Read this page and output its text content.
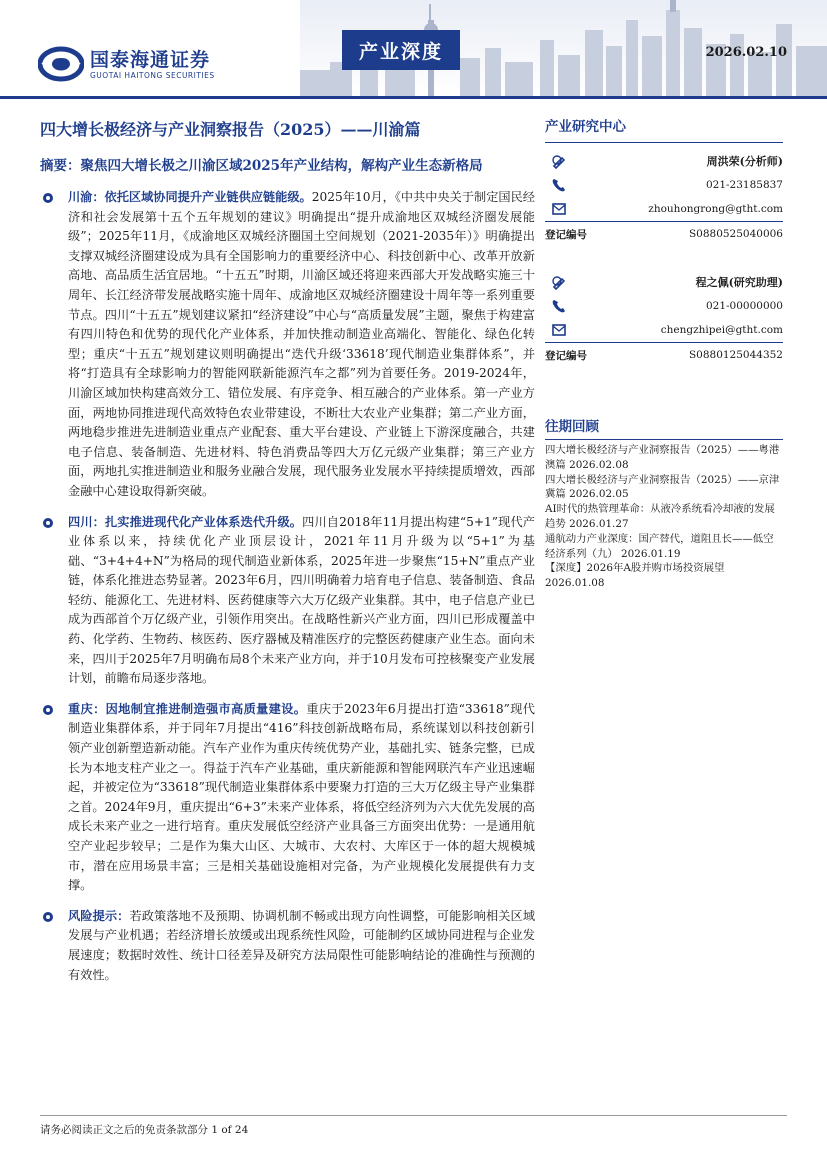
国泰海通证券
GUOTAI HAITONG SECURITIES
产业深度	2026.02.10
四大增长极经济与产业洞察报告（2025）——川渝篇

摘要：聚焦四大增长极之川渝区域2025年产业结构，解构产业生态新格局

川渝：依托区域协同提升产业链供应链能级。2025年10月，《中共中央关于制定国民经济和社会发展第十五个五年规划的建议》明确提出“提升成渝地区双城经济圈发展能级”；2025年11月，《成渝地区双城经济圈国土空间规划（2021-2035年）》明确提出支撑双城经济圈建设成为具有全国影响力的重要经济中心、科技创新中心、改革开放新高地、高品质生活宜居地。“十五五”时期，川渝区域还将迎来西部大开发战略实施三十周年、长江经济带发展战略实施十周年、成渝地区双城经济圈建设十周年等一系列重要节点。四川“十五五”规划建议紧扣“经济建设”中心与“高质量发展”主题，聚焦于构建富有四川特色和优势的现代化产业体系，并加快推动制造业高端化、智能化、绿色化转型；重庆“十五五”规划建议则明确提出“迭代升级‘33618’现代制造业集群体系”，并将“打造具有全球影响力的智能网联新能源汽车之都”列为首要任务。2019-2024年，川渝区域加快构建高效分工、错位发展、有序竞争、相互融合的产业体系。第一产业方面，两地协同推进现代高效特色农业带建设，不断壮大农业产业集群；第二产业方面，两地稳步推进先进制造业重点产业配套、重大平台建设、产业链上下游深度融合，共建电子信息、装备制造、先进材料、特色消费品等四大万亿元级产业集群；第三产业方面，两地扎实推进制造业和服务业融合发展，现代服务业发展水平持续提质增效，西部金融中心建设取得新突破。

四川：扎实推进现代化产业体系迭代升级。四川自2018年11月提出构建“5+1”现代产业体系以来，持续优化产业顶层设计，2021年11月升级为以“5+1”为基础、“3+4+4+N”为格局的现代制造业新体系，2025年进一步聚焦“15+N”重点产业链，体系化推进态势显著。2023年6月，四川明确着力培育电子信息、装备制造、食品轻纺、能源化工、先进材料、医药健康等六大万亿级产业集群。其中，电子信息产业已成为西部首个万亿级产业，引领作用突出。在战略性新兴产业方面，四川已形成覆盖中药、化学药、生物药、核医药、医疗器械及精准医疗的完整医药健康产业生态。面向未来，四川于2025年7月明确布局8个未来产业方向，并于10月发布可控核聚变产业发展计划，前瞻布局逐步落地。

重庆：因地制宜推进制造强市高质量建设。重庆于2023年6月提出打造“33618”现代制造业集群体系，并于同年7月提出“416”科技创新战略布局，系统谋划以科技创新引领产业创新塑造新动能。汽车产业作为重庆传统优势产业，基础扎实、链条完整，已成长为本地支柱产业之一。得益于汽车产业基础，重庆新能源和智能网联汽车产业迅速崛起，并被定位为“33618”现代制造业集群体系中要聚力打造的三大万亿级主导产业集群之首。2024年9月，重庆提出“6+3”未来产业体系，将低空经济列为六大优先发展的高成长未来产业之一进行培育。重庆发展低空经济产业具备三方面突出优势：一是通用航空产业起步较早；二是作为集大山区、大城市、大农村、大库区于一体的超大规模城市，潜在应用场景丰富；三是相关基础设施相对完备，为产业规模化发展提供有力支撑。

风险提示：若政策落地不及预期、协调机制不畅或出现方向性调整，可能影响相关区域发展与产业机遇；若经济增长放缓或出现系统性风险，可能制约区域协同进程与企业发展速度；数据时效性、统计口径差异及研究方法局限性可能影响结论的准确性与预测的有效性。

产业研究中心
周洪荣(分析师)
021-23185837
zhouhongrong@gtht.com
登记编号	S0880525040006
程之佩(研究助理)
021-00000000
chengzhipei@gtht.com
登记编号	S0880125044352
往期回顾

四大增长极经济与产业洞察报告（2025）——粤港澳篇 2026.02.08

四大增长极经济与产业洞察报告（2025）——京津冀篇 2026.02.05

AI时代的热管理革命：从液冷系统看冷却液的发展趋势 2026.01.27

通航动力产业深度：国产替代，道阻且长——低空经济系列（九） 2026.01.19

【深度】2026年A股并购市场投资展望 2026.01.08

请务必阅读正文之后的免责条款部分 1 of 24
